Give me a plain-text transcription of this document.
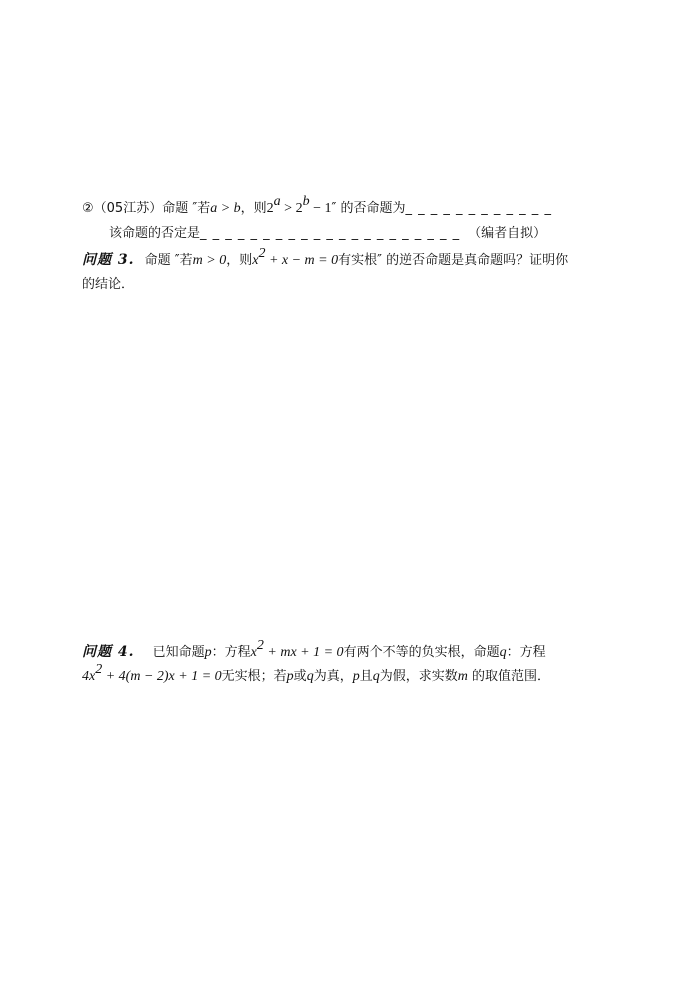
②（05江苏）命题 ″若a > b，则$2^a > 2^b - 1''$ 的否命题为_ _ _ _ _ _ _ _ _ _ _ _
该命题的否定是_ _ _ _ _ _ _ _ _ _ _ _ _ _ _ _ _ _ _ _ _ （编者自拟）
问题 3. 命题 ″若m > 0，则$x^2 + x - m = 0$有实根″ 的逆否命题是真命题吗？证明你
的结论．
问题 4. 已知命题p：方程$x^2$ + mx + 1 = 0有两个不等的负实根，命题q：方程
$4x^2 + 4(m - 2)x + 1 = 0$无实根；若p或q为真，p且q为假，求实数m 的取值范围．
